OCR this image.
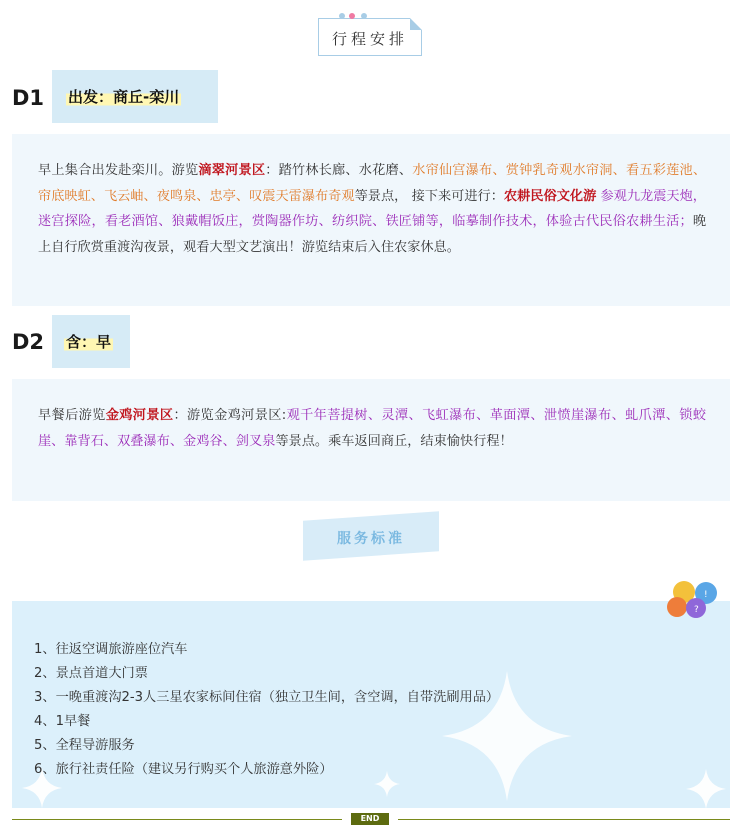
行程安排
D1 出发：商丘-栾川
早上集合出发赴栾川。游览滴翠河景区：踏竹林长廊、水花磨、水帘仙宫瀑布、赏钟乳奇观水帘洞、看五彩莲池、帘底映虹、飞云岫、夜鸣泉、忠亭、叹震天雷瀑布奇观等景点， 接下来可进行：农耕民俗文化游 参观九龙震天炮，迷宫探险，看老酒馆、狼戴帽饭庄，赏陶器作坊、纺织院、铁匠铺等，临摹制作技术，体验古代民俗农耕生活；晚上自行欣赏重渡沟夜景，观看大型文艺演出！游览结束后入住农家休息。
D2 含：早
早餐后游览金鸡河景区：游览金鸡河景区:观千年菩提树、灵潭、飞虹瀑布、革面潭、泄愤崖瀑布、虬爪潭、锁蛟崖、靠背石、双叠瀑布、金鸡谷、剑叉泉等景点。乘车返回商丘，结束愉快行程！
服务标准
1、往返空调旅游座位汽车
2、景点首道大门票
3、一晚重渡沟2-3人三星农家标间住宿（独立卫生间，含空调，自带洗刷用品）
4、1早餐
5、全程导游服务
6、旅行社责任险（建议另行购买个人旅游意外险）
?
!
END
